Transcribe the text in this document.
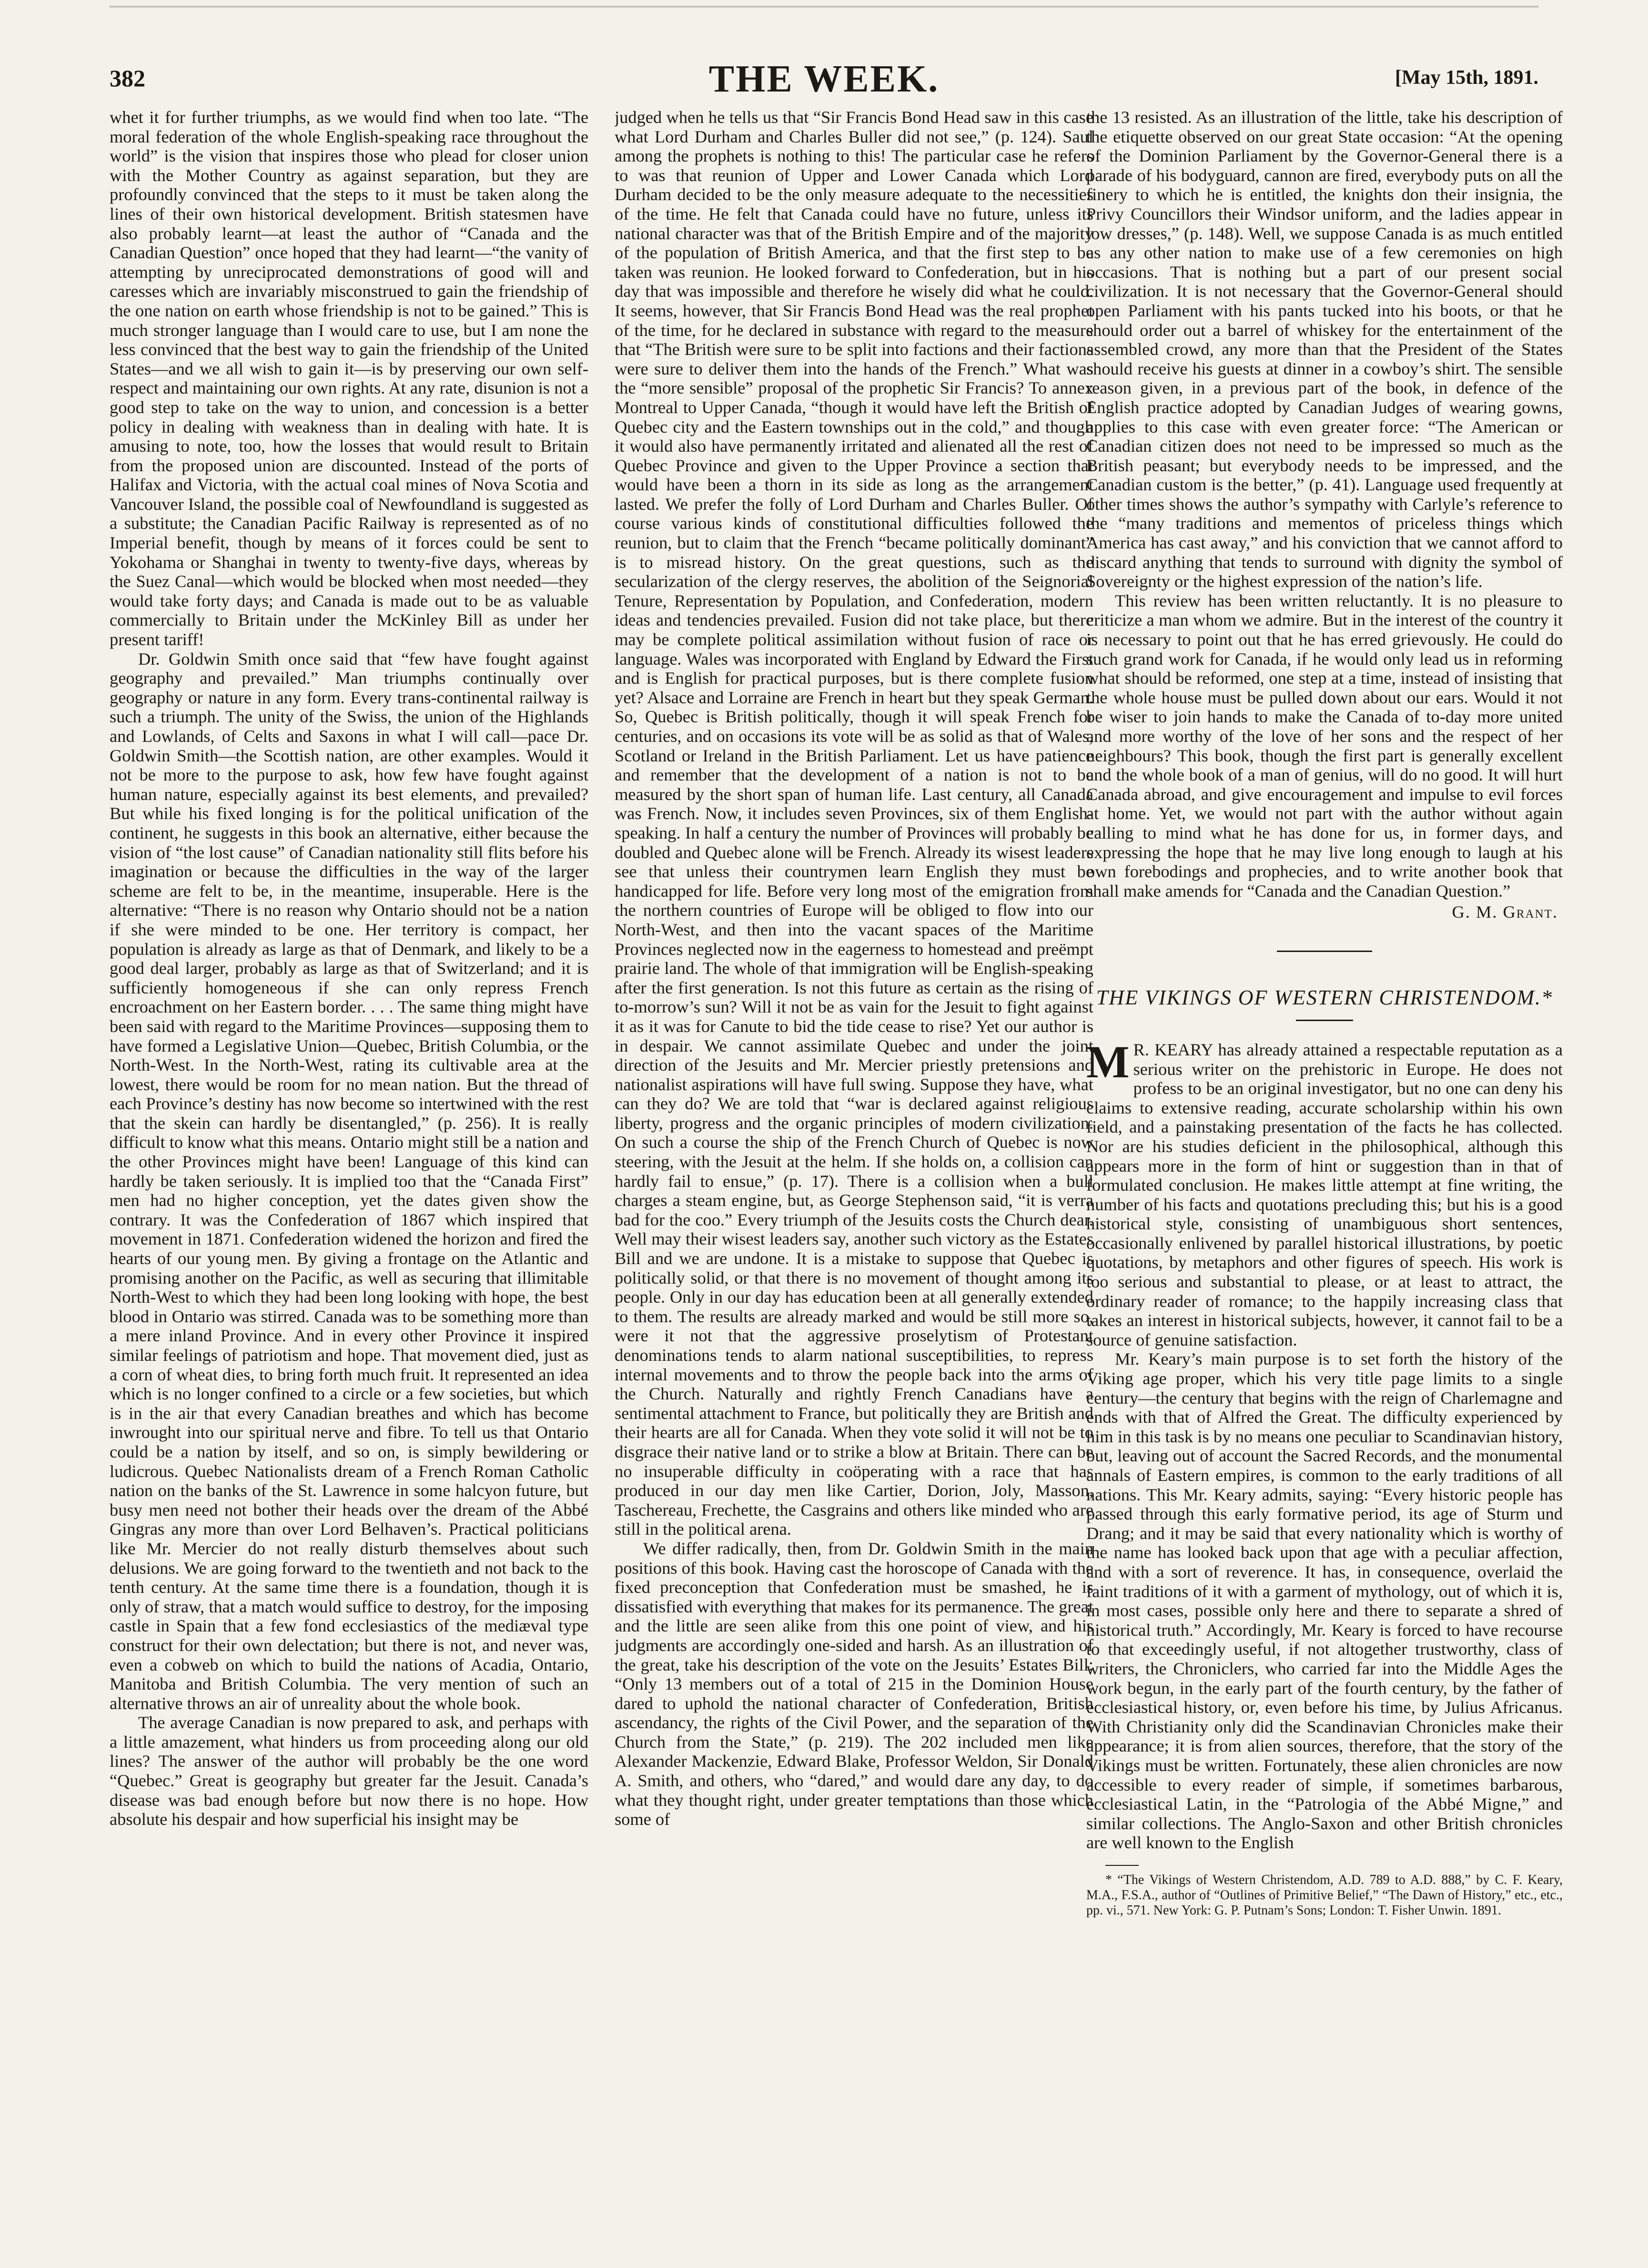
382	THE WEEK.	[May 15th, 1891.

whet it for further triumphs, as we would find when too late. “The moral federation of the whole English-speaking race throughout the world” is the vision that inspires those who plead for closer union with the Mother Country as against separation, but they are profoundly convinced that the steps to it must be taken along the lines of their own historical development. British statesmen have also probably learnt—at least the author of “Canada and the Canadian Question” once hoped that they had learnt—“the vanity of attempting by unreciprocated demonstrations of good will and caresses which are invariably misconstrued to gain the friendship of the one nation on earth whose friendship is not to be gained.” This is much stronger language than I would care to use, but I am none the less convinced that the best way to gain the friendship of the United States—and we all wish to gain it—is by preserving our own self-respect and maintaining our own rights. At any rate, disunion is not a good step to take on the way to union, and concession is a better policy in dealing with weakness than in dealing with hate. It is amusing to note, too, how the losses that would result to Britain from the proposed union are discounted. Instead of the ports of Halifax and Victoria, with the actual coal mines of Nova Scotia and Vancouver Island, the possible coal of Newfoundland is suggested as a substitute; the Canadian Pacific Railway is represented as of no Imperial benefit, though by means of it forces could be sent to Yokohama or Shanghai in twenty to twenty-five days, whereas by the Suez Canal—which would be blocked when most needed—they would take forty days; and Canada is made out to be as valuable commercially to Britain under the McKinley Bill as under her present tariff!

Dr. Goldwin Smith once said that “few have fought against geography and prevailed.” Man triumphs continually over geography or nature in any form. Every trans-continental railway is such a triumph. The unity of the Swiss, the union of the Highlands and Lowlands, of Celts and Saxons in what I will call—pace Dr. Goldwin Smith—the Scottish nation, are other examples. Would it not be more to the purpose to ask, how few have fought against human nature, especially against its best elements, and prevailed? But while his fixed longing is for the political unification of the continent, he suggests in this book an alternative, either because the vision of “the lost cause” of Canadian nationality still flits before his imagination or because the difficulties in the way of the larger scheme are felt to be, in the meantime, insuperable. Here is the alternative: “There is no reason why Ontario should not be a nation if she were minded to be one. Her territory is compact, her population is already as large as that of Denmark, and likely to be a good deal larger, probably as large as that of Switzerland; and it is sufficiently homogeneous if she can only repress French encroachment on her Eastern border. . . . The same thing might have been said with regard to the Maritime Provinces—supposing them to have formed a Legislative Union—Quebec, British Columbia, or the North-West. In the North-West, rating its cultivable area at the lowest, there would be room for no mean nation. But the thread of each Province’s destiny has now become so intertwined with the rest that the skein can hardly be disentangled,” (p. 256). It is really difficult to know what this means. Ontario might still be a nation and the other Provinces might have been! Language of this kind can hardly be taken seriously. It is implied too that the “Canada First” men had no higher conception, yet the dates given show the contrary. It was the Confederation of 1867 which inspired that movement in 1871. Confederation widened the horizon and fired the hearts of our young men. By giving a frontage on the Atlantic and promising another on the Pacific, as well as securing that illimitable North-West to which they had been long looking with hope, the best blood in Ontario was stirred. Canada was to be something more than a mere inland Province. And in every other Province it inspired similar feelings of patriotism and hope. That movement died, just as a corn of wheat dies, to bring forth much fruit. It represented an idea which is no longer confined to a circle or a few societies, but which is in the air that every Canadian breathes and which has become inwrought into our spiritual nerve and fibre. To tell us that Ontario could be a nation by itself, and so on, is simply bewildering or ludicrous. Quebec Nationalists dream of a French Roman Catholic nation on the banks of the St. Lawrence in some halcyon future, but busy men need not bother their heads over the dream of the Abbé Gingras any more than over Lord Belhaven’s. Practical politicians like Mr. Mercier do not really disturb themselves about such delusions. We are going forward to the twentieth and not back to the tenth century. At the same time there is a foundation, though it is only of straw, that a match would suffice to destroy, for the imposing castle in Spain that a few fond ecclesiastics of the mediæval type construct for their own delectation; but there is not, and never was, even a cobweb on which to build the nations of Acadia, Ontario, Manitoba and British Columbia. The very mention of such an alternative throws an air of unreality about the whole book.

The average Canadian is now prepared to ask, and perhaps with a little amazement, what hinders us from proceeding along our old lines? The answer of the author will probably be the one word “Quebec.” Great is geography but greater far the Jesuit. Canada’s disease was bad enough before but now there is no hope. How absolute his despair and how superficial his insight may be

judged when he tells us that “Sir Francis Bond Head saw in this case what Lord Durham and Charles Buller did not see,” (p. 124). Saul among the prophets is nothing to this! The particular case he refers to was that reunion of Upper and Lower Canada which Lord Durham decided to be the only measure adequate to the necessities of the time. He felt that Canada could have no future, unless its national character was that of the British Empire and of the majority of the population of British America, and that the first step to be taken was reunion. He looked forward to Confederation, but in his day that was impossible and therefore he wisely did what he could. It seems, however, that Sir Francis Bond Head was the real prophet of the time, for he declared in substance with regard to the measure that “The British were sure to be split into factions and their factions were sure to deliver them into the hands of the French.” What was the “more sensible” proposal of the prophetic Sir Francis? To annex Montreal to Upper Canada, “though it would have left the British of Quebec city and the Eastern townships out in the cold,” and though it would also have permanently irritated and alienated all the rest of Quebec Province and given to the Upper Province a section that would have been a thorn in its side as long as the arrangement lasted. We prefer the folly of Lord Durham and Charles Buller. Of course various kinds of constitutional difficulties followed the reunion, but to claim that the French “became politically dominant” is to misread history. On the great questions, such as the secularization of the clergy reserves, the abolition of the Seignorial Tenure, Representation by Population, and Confederation, modern ideas and tendencies prevailed. Fusion did not take place, but there may be complete political assimilation without fusion of race or language. Wales was incorporated with England by Edward the First and is English for practical purposes, but is there complete fusion yet? Alsace and Lorraine are French in heart but they speak German. So, Quebec is British politically, though it will speak French for centuries, and on occasions its vote will be as solid as that of Wales, Scotland or Ireland in the British Parliament. Let us have patience and remember that the development of a nation is not to be measured by the short span of human life. Last century, all Canada was French. Now, it includes seven Provinces, six of them English-speaking. In half a century the number of Provinces will probably be doubled and Quebec alone will be French. Already its wisest leaders see that unless their countrymen learn English they must be handicapped for life. Before very long most of the emigration from the northern countries of Europe will be obliged to flow into our North-West, and then into the vacant spaces of the Maritime Provinces neglected now in the eagerness to homestead and preëmpt prairie land. The whole of that immigration will be English-speaking after the first generation. Is not this future as certain as the rising of to-morrow’s sun? Will it not be as vain for the Jesuit to fight against it as it was for Canute to bid the tide cease to rise? Yet our author is in despair. We cannot assimilate Quebec and under the joint direction of the Jesuits and Mr. Mercier priestly pretensions and nationalist aspirations will have full swing. Suppose they have, what can they do? We are told that “war is declared against religious liberty, progress and the organic principles of modern civilization. On such a course the ship of the French Church of Quebec is now steering, with the Jesuit at the helm. If she holds on, a collision can hardly fail to ensue,” (p. 17). There is a collision when a bull charges a steam engine, but, as George Stephenson said, “it is verra bad for the coo.” Every triumph of the Jesuits costs the Church dear. Well may their wisest leaders say, another such victory as the Estates Bill and we are undone. It is a mistake to suppose that Quebec is politically solid, or that there is no movement of thought among its people. Only in our day has education been at all generally extended to them. The results are already marked and would be still more so, were it not that the aggressive proselytism of Protestant denominations tends to alarm national susceptibilities, to repress internal movements and to throw the people back into the arms of the Church. Naturally and rightly French Canadians have a sentimental attachment to France, but politically they are British and their hearts are all for Canada. When they vote solid it will not be to disgrace their native land or to strike a blow at Britain. There can be no insuperable difficulty in coöperating with a race that has produced in our day men like Cartier, Dorion, Joly, Masson, Taschereau, Frechette, the Casgrains and others like minded who are still in the political arena.

We differ radically, then, from Dr. Goldwin Smith in the main positions of this book. Having cast the horoscope of Canada with the fixed preconception that Confederation must be smashed, he is dissatisfied with everything that makes for its permanence. The great and the little are seen alike from this one point of view, and his judgments are accordingly one-sided and harsh. As an illustration of the great, take his description of the vote on the Jesuits’ Estates Bill: “Only 13 members out of a total of 215 in the Dominion House dared to uphold the national character of Confederation, British ascendancy, the rights of the Civil Power, and the separation of the Church from the State,” (p. 219). The 202 included men like Alexander Mackenzie, Edward Blake, Professor Weldon, Sir Donald A. Smith, and others, who “dared,” and would dare any day, to do what they thought right, under greater temptations than those which some of

the 13 resisted. As an illustration of the little, take his description of the etiquette observed on our great State occasion: “At the opening of the Dominion Parliament by the Governor-General there is a parade of his bodyguard, cannon are fired, everybody puts on all the finery to which he is entitled, the knights don their insignia, the Privy Councillors their Windsor uniform, and the ladies appear in low dresses,” (p. 148). Well, we suppose Canada is as much entitled as any other nation to make use of a few ceremonies on high occasions. That is nothing but a part of our present social civilization. It is not necessary that the Governor-General should open Parliament with his pants tucked into his boots, or that he should order out a barrel of whiskey for the entertainment of the assembled crowd, any more than that the President of the States should receive his guests at dinner in a cowboy’s shirt. The sensible reason given, in a previous part of the book, in defence of the English practice adopted by Canadian Judges of wearing gowns, applies to this case with even greater force: “The American or Canadian citizen does not need to be impressed so much as the British peasant; but everybody needs to be impressed, and the Canadian custom is the better,” (p. 41). Language used frequently at other times shows the author’s sympathy with Carlyle’s reference to the “many traditions and mementos of priceless things which America has cast away,” and his conviction that we cannot afford to discard anything that tends to surround with dignity the symbol of Sovereignty or the highest expression of the nation’s life.

This review has been written reluctantly. It is no pleasure to criticize a man whom we admire. But in the interest of the country it is necessary to point out that he has erred grievously. He could do such grand work for Canada, if he would only lead us in reforming what should be reformed, one step at a time, instead of insisting that the whole house must be pulled down about our ears. Would it not be wiser to join hands to make the Canada of to-day more united and more worthy of the love of her sons and the respect of her neighbours? This book, though the first part is generally excellent and the whole book of a man of genius, will do no good. It will hurt Canada abroad, and give encouragement and impulse to evil forces at home. Yet, we would not part with the author without again calling to mind what he has done for us, in former days, and expressing the hope that he may live long enough to laugh at his own forebodings and prophecies, and to write another book that shall make amends for “Canada and the Canadian Question.”

G. M. Grant.
THE VIKINGS OF WESTERN CHRISTENDOM.*

M R. KEARY has already attained a respectable reputation as a serious writer on the prehistoric in Europe. He does not profess to be an original investigator, but no one can deny his claims to extensive reading, accurate scholarship within his own field, and a painstaking presentation of the facts he has collected. Nor are his studies deficient in the philosophical, although this appears more in the form of hint or suggestion than in that of formulated conclusion. He makes little attempt at fine writing, the number of his facts and quotations precluding this; but his is a good historical style, consisting of unambiguous short sentences, occasionally enlivened by parallel historical illustrations, by poetic quotations, by metaphors and other figures of speech. His work is too serious and substantial to please, or at least to attract, the ordinary reader of romance; to the happily increasing class that takes an interest in historical subjects, however, it cannot fail to be a source of genuine satisfaction.

Mr. Keary’s main purpose is to set forth the history of the Viking age proper, which his very title page limits to a single century—the century that begins with the reign of Charlemagne and ends with that of Alfred the Great. The difficulty experienced by him in this task is by no means one peculiar to Scandinavian history, but, leaving out of account the Sacred Records, and the monumental annals of Eastern empires, is common to the early traditions of all nations. This Mr. Keary admits, saying: “Every historic people has passed through this early formative period, its age of Sturm und Drang; and it may be said that every nationality which is worthy of the name has looked back upon that age with a peculiar affection, and with a sort of reverence. It has, in consequence, overlaid the faint traditions of it with a garment of mythology, out of which it is, in most cases, possible only here and there to separate a shred of historical truth.” Accordingly, Mr. Keary is forced to have recourse to that exceedingly useful, if not altogether trustworthy, class of writers, the Chroniclers, who carried far into the Middle Ages the work begun, in the early part of the fourth century, by the father of ecclesiastical history, or, even before his time, by Julius Africanus. With Christianity only did the Scandinavian Chronicles make their appearance; it is from alien sources, therefore, that the story of the Vikings must be written. Fortunately, these alien chronicles are now accessible to every reader of simple, if sometimes barbarous, ecclesiastical Latin, in the “Patrologia of the Abbé Migne,” and similar collections. The Anglo-Saxon and other British chronicles are well known to the English

* “The Vikings of Western Christendom, A.D. 789 to A.D. 888,” by C. F. Keary, M.A., F.S.A., author of “Outlines of Primitive Belief,” “The Dawn of History,” etc., etc., pp. vi., 571. New York: G. P. Putnam’s Sons; London: T. Fisher Unwin. 1891.
